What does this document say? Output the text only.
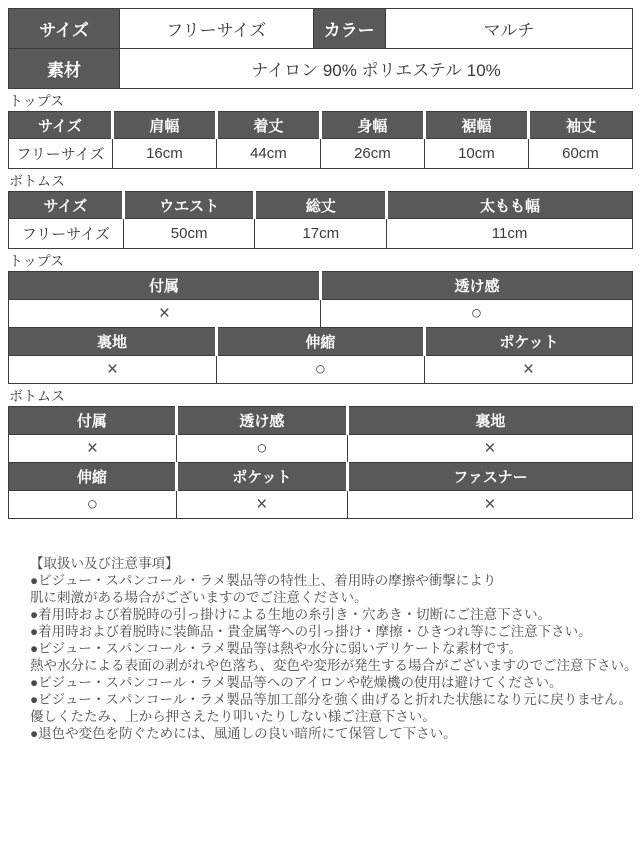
サイズ	フリーサイズ	カラー	マルチ
素材	ナイロン 90% ポリエステル 10%		
トップス
サイズ	肩幅	着丈	身幅	裾幅	袖丈
フリーサイズ	16cm	44cm	26cm	10cm	60cm
ボトムス
サイズ	ウエスト	総丈	太もも幅
フリーサイズ	50cm	17cm	11cm
トップス
付属		透け感	
×		○	
裏地	伸縮		ポケット
×	○		×
ボトムス
付属	透け感	裏地
×	○	×
伸縮	ポケット	ファスナー
○	×	×
【取扱い及び注意事項】
●ビジュー・スパンコール・ラメ製品等の特性上、着用時の摩擦や衝撃により
肌に刺激がある場合がございますのでご注意ください。
●着用時および着脱時の引っ掛けによる生地の糸引き・穴あき・切断にご注意下さい。
●着用時および着脱時に装飾品・貴金属等への引っ掛け・摩擦・ひきつれ等にご注意下さい。
●ビジュー・スパンコール・ラメ製品等は熱や水分に弱いデリケートな素材です。
熱や水分による表面の剥がれや色落ち、変色や変形が発生する場合がございますのでご注意下さい。
●ビジュー・スパンコール・ラメ製品等へのアイロンや乾燥機の使用は避けてください。
●ビジュー・スパンコール・ラメ製品等加工部分を強く曲げると折れた状態になり元に戻りません。
優しくたたみ、上から押さえたり叩いたりしない様ご注意下さい。
●退色や変色を防ぐためには、風通しの良い暗所にて保管して下さい。
